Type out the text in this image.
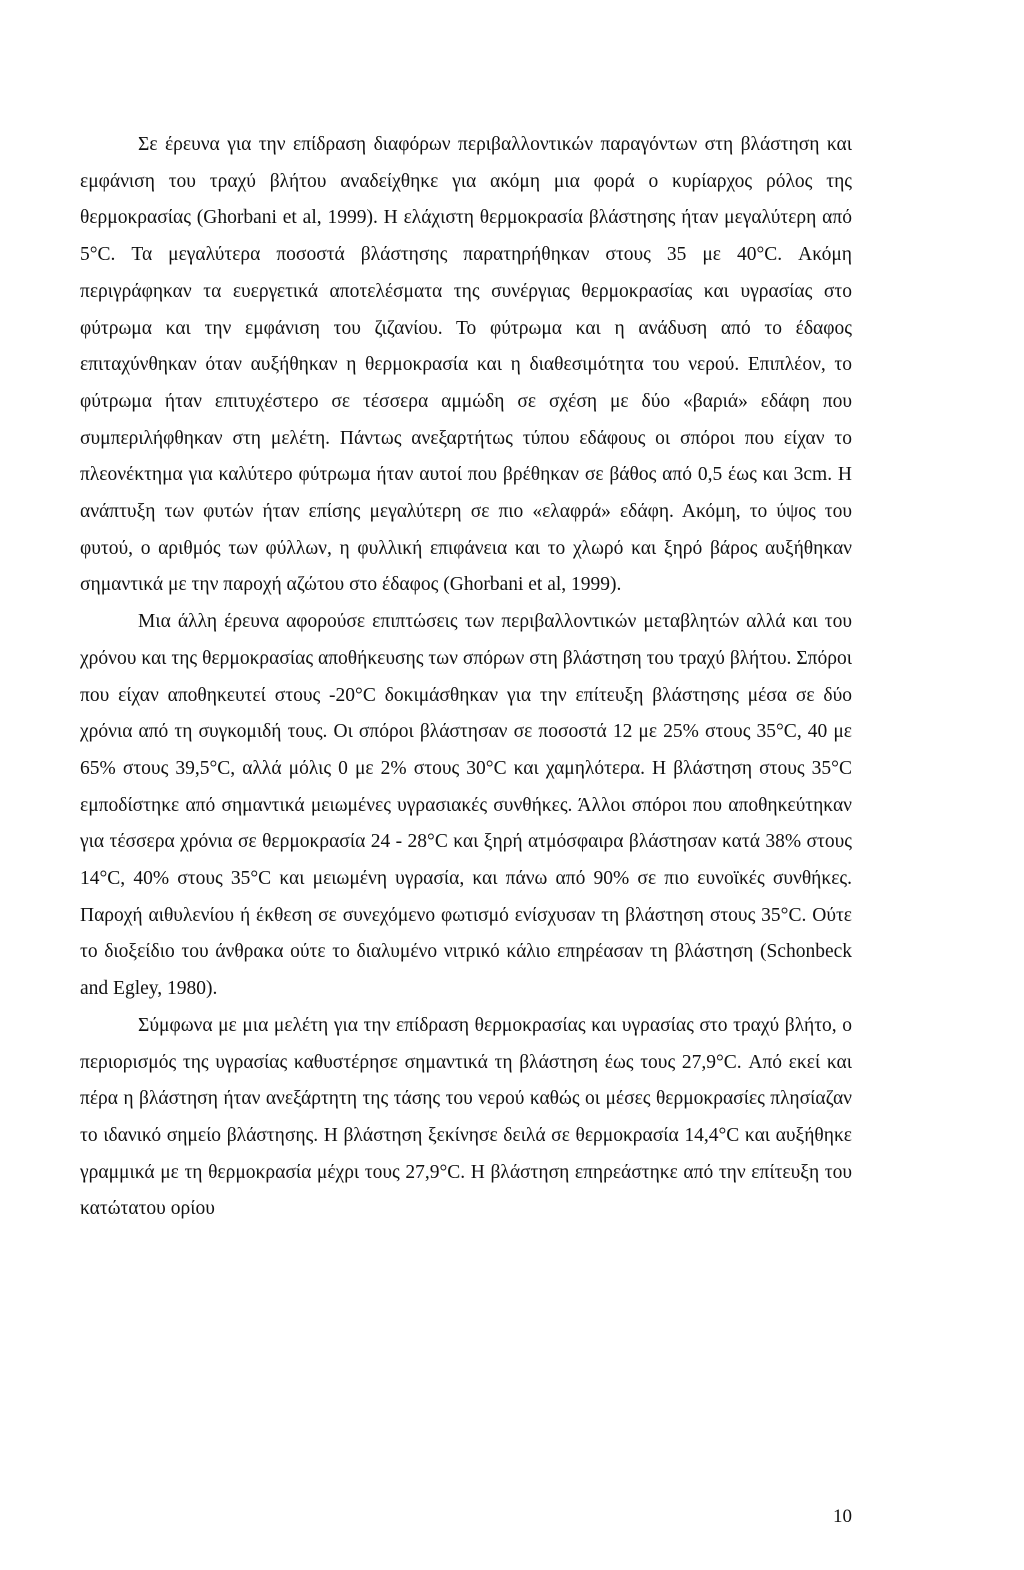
Σε έρευνα για την επίδραση διαφόρων περιβαλλοντικών παραγόντων στη βλάστηση και εμφάνιση του τραχύ βλήτου αναδείχθηκε για ακόμη μια φορά ο κυρίαρχος ρόλος της θερμοκρασίας (Ghorbani et al, 1999). Η ελάχιστη θερμοκρασία βλάστησης ήταν μεγαλύτερη από 5°C. Τα μεγαλύτερα ποσοστά βλάστησης παρατηρήθηκαν στους 35 με 40°C. Ακόμη περιγράφηκαν τα ευεργετικά αποτελέσματα της συνέργιας θερμοκρασίας και υγρασίας στο φύτρωμα και την εμφάνιση του ζιζανίου. Το φύτρωμα και η ανάδυση από το έδαφος επιταχύνθηκαν όταν αυξήθηκαν η θερμοκρασία και η διαθεσιμότητα του νερού. Επιπλέον, το φύτρωμα ήταν επιτυχέστερο σε τέσσερα αμμώδη σε σχέση με δύο «βαριά» εδάφη που συμπεριλήφθηκαν στη μελέτη. Πάντως ανεξαρτήτως τύπου εδάφους οι σπόροι που είχαν το πλεονέκτημα για καλύτερο φύτρωμα ήταν αυτοί που βρέθηκαν σε βάθος από 0,5 έως και 3cm. Η ανάπτυξη των φυτών ήταν επίσης μεγαλύτερη σε πιο «ελαφρά» εδάφη. Ακόμη, το ύψος του φυτού, ο αριθμός των φύλλων, η φυλλική επιφάνεια και το χλωρό και ξηρό βάρος αυξήθηκαν σημαντικά με την παροχή αζώτου στο έδαφος (Ghorbani et al, 1999).

Μια άλλη έρευνα αφορούσε επιπτώσεις των περιβαλλοντικών μεταβλητών αλλά και του χρόνου και της θερμοκρασίας αποθήκευσης των σπόρων στη βλάστηση του τραχύ βλήτου. Σπόροι που είχαν αποθηκευτεί στους -20°C δοκιμάσθηκαν για την επίτευξη βλάστησης μέσα σε δύο χρόνια από τη συγκομιδή τους. Οι σπόροι βλάστησαν σε ποσοστά 12 με 25% στους 35°C, 40 με 65% στους 39,5°C, αλλά μόλις 0 με 2% στους 30°C και χαμηλότερα. Η βλάστηση στους 35°C εμποδίστηκε από σημαντικά μειωμένες υγρασιακές συνθήκες. Άλλοι σπόροι που αποθηκεύτηκαν για τέσσερα χρόνια σε θερμοκρασία 24 - 28°C και ξηρή ατμόσφαιρα βλάστησαν κατά 38% στους 14°C, 40% στους 35°C και μειωμένη υγρασία, και πάνω από 90% σε πιο ευνοϊκές συνθήκες. Παροχή αιθυλενίου ή έκθεση σε συνεχόμενο φωτισμό ενίσχυσαν τη βλάστηση στους 35°C. Ούτε το διοξείδιο του άνθρακα ούτε το διαλυμένο νιτρικό κάλιο επηρέασαν τη βλάστηση (Schonbeck and Egley, 1980).

Σύμφωνα με μια μελέτη για την επίδραση θερμοκρασίας και υγρασίας στο τραχύ βλήτο, ο περιορισμός της υγρασίας καθυστέρησε σημαντικά τη βλάστηση έως τους 27,9°C. Από εκεί και πέρα η βλάστηση ήταν ανεξάρτητη της τάσης του νερού καθώς οι μέσες θερμοκρασίες πλησίαζαν το ιδανικό σημείο βλάστησης. Η βλάστηση ξεκίνησε δειλά σε θερμοκρασία 14,4°C και αυξήθηκε γραμμικά με τη θερμοκρασία μέχρι τους 27,9°C. Η βλάστηση επηρεάστηκε από την επίτευξη του κατώτατου ορίου

10
